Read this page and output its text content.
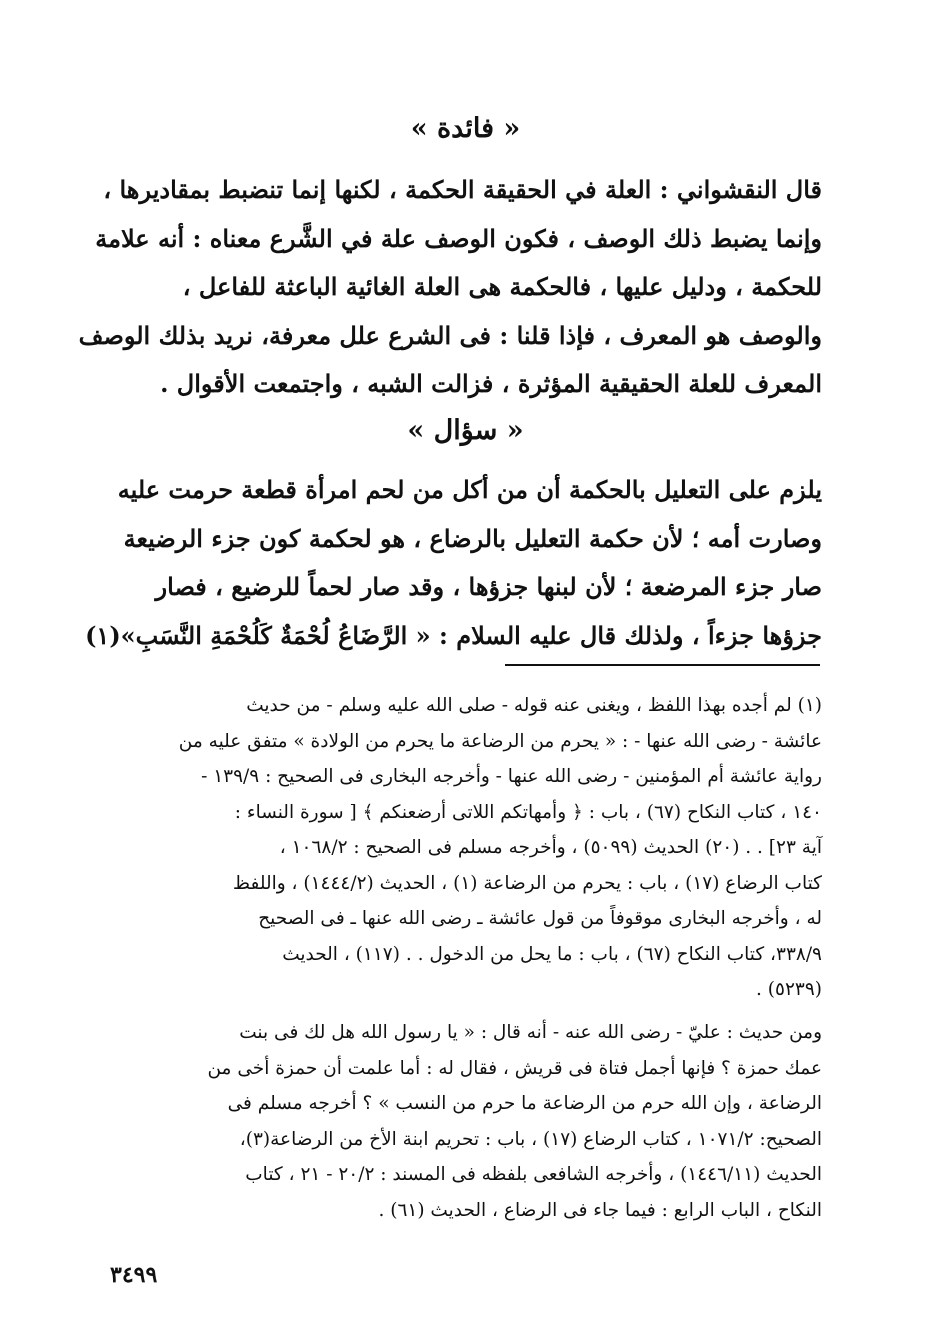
« فائدة »
قال النقشواني : العلة في الحقيقة الحكمة ، لكنها إنما تنضبط بمقاديرها ،
وإنما يضبط ذلك الوصف ، فكون الوصف علة في الشَّرع معناه : أنه علامة
للحكمة ، ودليل عليها ، فالحكمة هى العلة الغائية الباعثة للفاعل ،
والوصف هو المعرف ، فإذا قلنا : فى الشرع علل معرفة، نريد بذلك الوصف
المعرف للعلة الحقيقية المؤثرة ، فزالت الشبه ، واجتمعت الأقوال .
« سؤال »
يلزم على التعليل بالحكمة أن من أكل من لحم امرأة قطعة حرمت عليه
وصارت أمه ؛ لأن حكمة التعليل بالرضاع ، هو لحكمة كون جزء الرضيعة
صار جزء المرضعة ؛ لأن لبنها جزؤها ، وقد صار لحماً للرضيع ، فصار
جزؤها جزءاً ، ولذلك قال عليه السلام : « الرَّضَاعُ لُحْمَةٌ كَلُحْمَةِ النَّسَبِ»(١)
(١) لم أجده بهذا اللفظ ، ويغنى عنه قوله - صلى الله عليه وسلم - من حديث
عائشة - رضى الله عنها - : « يحرم من الرضاعة ما يحرم من الولادة » متفق عليه من
رواية عائشة أم المؤمنين - رضى الله عنها - وأخرجه البخارى فى الصحيح : ١٣٩/٩ -
١٤٠ ، كتاب النكاح (٦٧) ، باب : ﴿ وأمهاتكم اللاتى أرضعنكم ﴾ [ سورة النساء :
آية ٢٣] . . (٢٠) الحديث (٥٠٩٩) ، وأخرجه مسلم فى الصحيح : ١٠٦٨/٢ ،
كتاب الرضاع (١٧) ، باب : يحرم من الرضاعة (١) ، الحديث (١٤٤٤/٢) ، واللفظ
له ، وأخرجه البخارى موقوفاً من قول عائشة ـ رضى الله عنها ـ فى الصحيح
٣٣٨/٩، كتاب النكاح (٦٧) ، باب : ما يحل من الدخول . . (١١٧) ، الحديث
(٥٢٣٩) .
ومن حديث : عليّ - رضى الله عنه - أنه قال : « يا رسول الله هل لك فى بنت
عمك حمزة ؟ فإنها أجمل فتاة فى قريش ، فقال له : أما علمت أن حمزة أخى من
الرضاعة ، وإن الله حرم من الرضاعة ما حرم من النسب » ؟ أخرجه مسلم فى
الصحيح: ١٠٧١/٢ ، كتاب الرضاع (١٧) ، باب : تحريم ابنة الأخ من الرضاعة(٣)،
الحديث (١٤٤٦/١١) ، وأخرجه الشافعى بلفظه فى المسند : ٢٠/٢ - ٢١ ، كتاب
النكاح ، الباب الرابع : فيما جاء فى الرضاع ، الحديث (٦١) .
٣٤٩٩
